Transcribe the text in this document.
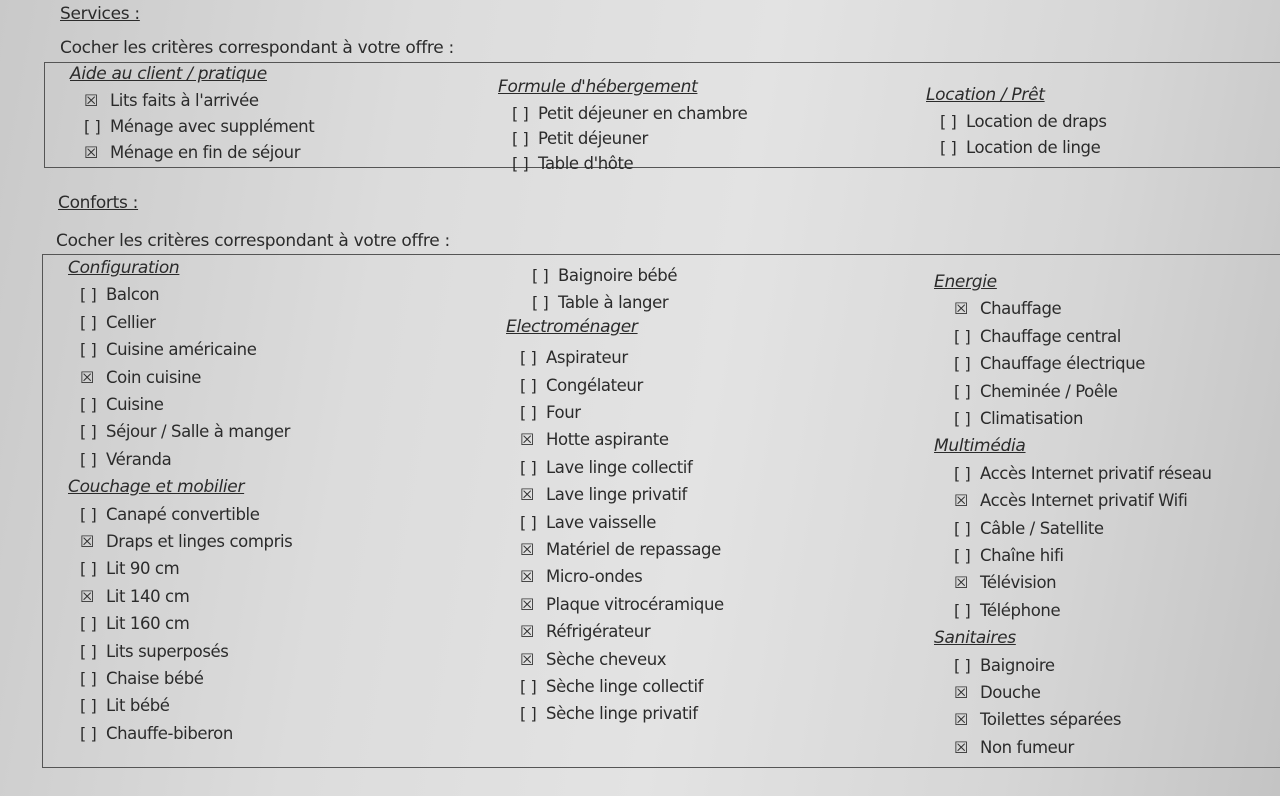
Services :
Cocher les critères correspondant à votre offre :
Aide au client / pratique
☒ Lits faits à l'arrivée
[ ] Ménage avec supplément
☒ Ménage en fin de séjour
Formule d'hébergement
[ ] Petit déjeuner en chambre
[ ] Petit déjeuner
[ ] Table d'hôte
Location / Prêt
[ ] Location de draps
[ ] Location de linge
Conforts :
Cocher les critères correspondant à votre offre :
Configuration
[ ] Balcon
[ ] Cellier
[ ] Cuisine américaine
☒ Coin cuisine
[ ] Cuisine
[ ] Séjour / Salle à manger
[ ] Véranda
Couchage et mobilier
[ ] Canapé convertible
☒ Draps et linges compris
[ ] Lit 90 cm
☒ Lit 140 cm
[ ] Lit 160 cm
[ ] Lits superposés
[ ] Chaise bébé
[ ] Lit bébé
[ ] Chauffe-biberon
[ ] Baignoire bébé
[ ] Table à langer
Electroménager
[ ] Aspirateur
[ ] Congélateur
[ ] Four
☒ Hotte aspirante
[ ] Lave linge collectif
☒ Lave linge privatif
[ ] Lave vaisselle
☒ Matériel de repassage
☒ Micro-ondes
☒ Plaque vitrocéramique
☒ Réfrigérateur
☒ Sèche cheveux
[ ] Sèche linge collectif
[ ] Sèche linge privatif
Energie
☒ Chauffage
[ ] Chauffage central
[ ] Chauffage électrique
[ ] Cheminée / Poêle
[ ] Climatisation
Multimédia
[ ] Accès Internet privatif réseau
☒ Accès Internet privatif Wifi
[ ] Câble / Satellite
[ ] Chaîne hifi
☒ Télévision
[ ] Téléphone
Sanitaires
[ ] Baignoire
☒ Douche
☒ Toilettes séparées
☒ Non fumeur
